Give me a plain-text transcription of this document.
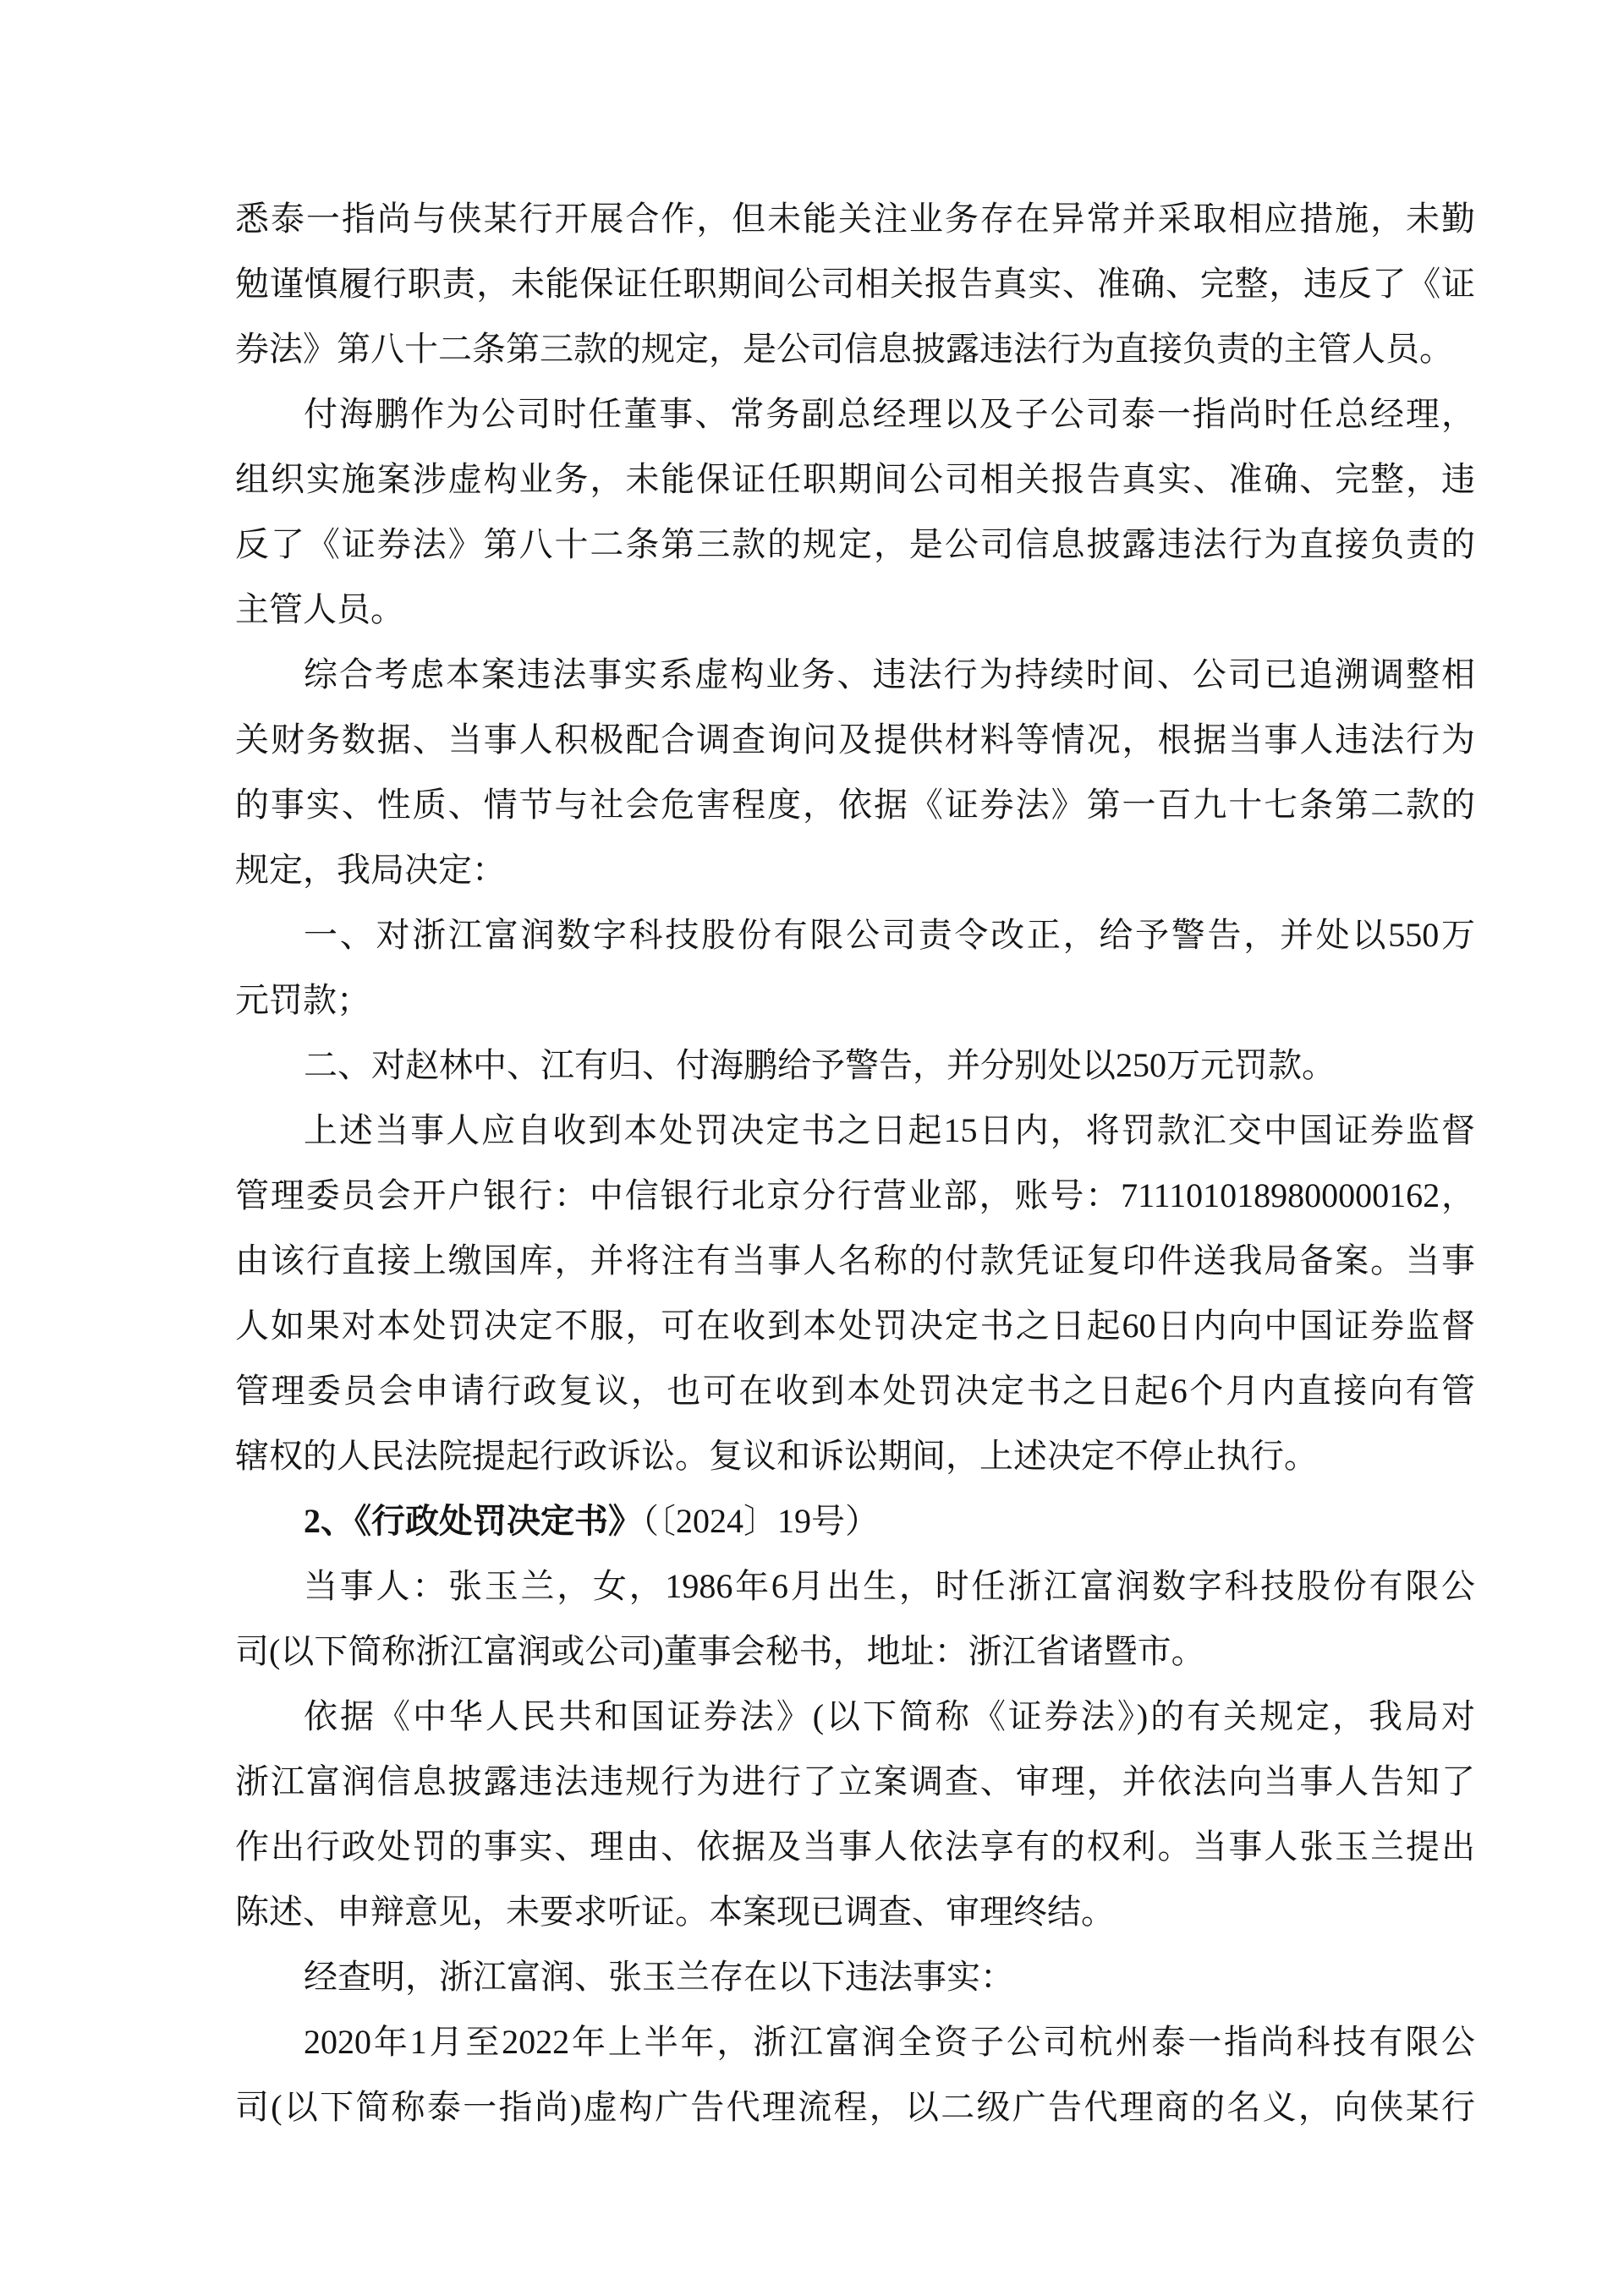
悉泰一指尚与侠某行开展合作，但未能关注业务存在异常并采取相应措施，未勤
勉谨慎履行职责，未能保证任职期间公司相关报告真实、准确、完整，违反了《证
券法》第八十二条第三款的规定，是公司信息披露违法行为直接负责的主管人员。
付海鹏作为公司时任董事、常务副总经理以及子公司泰一指尚时任总经理，
组织实施案涉虚构业务，未能保证任职期间公司相关报告真实、准确、完整，违
反了《证券法》第八十二条第三款的规定，是公司信息披露违法行为直接负责的
主管人员。
综合考虑本案违法事实系虚构业务、违法行为持续时间、公司已追溯调整相
关财务数据、当事人积极配合调查询问及提供材料等情况，根据当事人违法行为
的事实、性质、情节与社会危害程度，依据《证券法》第一百九十七条第二款的
规定，我局决定：
一、对浙江富润数字科技股份有限公司责令改正，给予警告，并处以550万
元罚款；
二、对赵林中、江有归、付海鹏给予警告，并分别处以250万元罚款。
上述当事人应自收到本处罚决定书之日起15日内，将罚款汇交中国证券监督
管理委员会开户银行：中信银行北京分行营业部，账号：7111010189800000162，
由该行直接上缴国库，并将注有当事人名称的付款凭证复印件送我局备案。当事
人如果对本处罚决定不服，可在收到本处罚决定书之日起60日内向中国证券监督
管理委员会申请行政复议，也可在收到本处罚决定书之日起6个月内直接向有管
辖权的人民法院提起行政诉讼。复议和诉讼期间，上述决定不停止执行。
2、《行政处罚决定书》（〔2024〕19号）
当事人：张玉兰，女，1986年6月出生，时任浙江富润数字科技股份有限公
司(以下简称浙江富润或公司)董事会秘书，地址：浙江省诸暨市。
依据《中华人民共和国证券法》(以下简称《证券法》)的有关规定，我局对
浙江富润信息披露违法违规行为进行了立案调查、审理，并依法向当事人告知了
作出行政处罚的事实、理由、依据及当事人依法享有的权利。当事人张玉兰提出
陈述、申辩意见，未要求听证。本案现已调查、审理终结。
经查明，浙江富润、张玉兰存在以下违法事实：
2020年1月至2022年上半年，浙江富润全资子公司杭州泰一指尚科技有限公
司(以下简称泰一指尚)虚构广告代理流程，以二级广告代理商的名义，向侠某行
